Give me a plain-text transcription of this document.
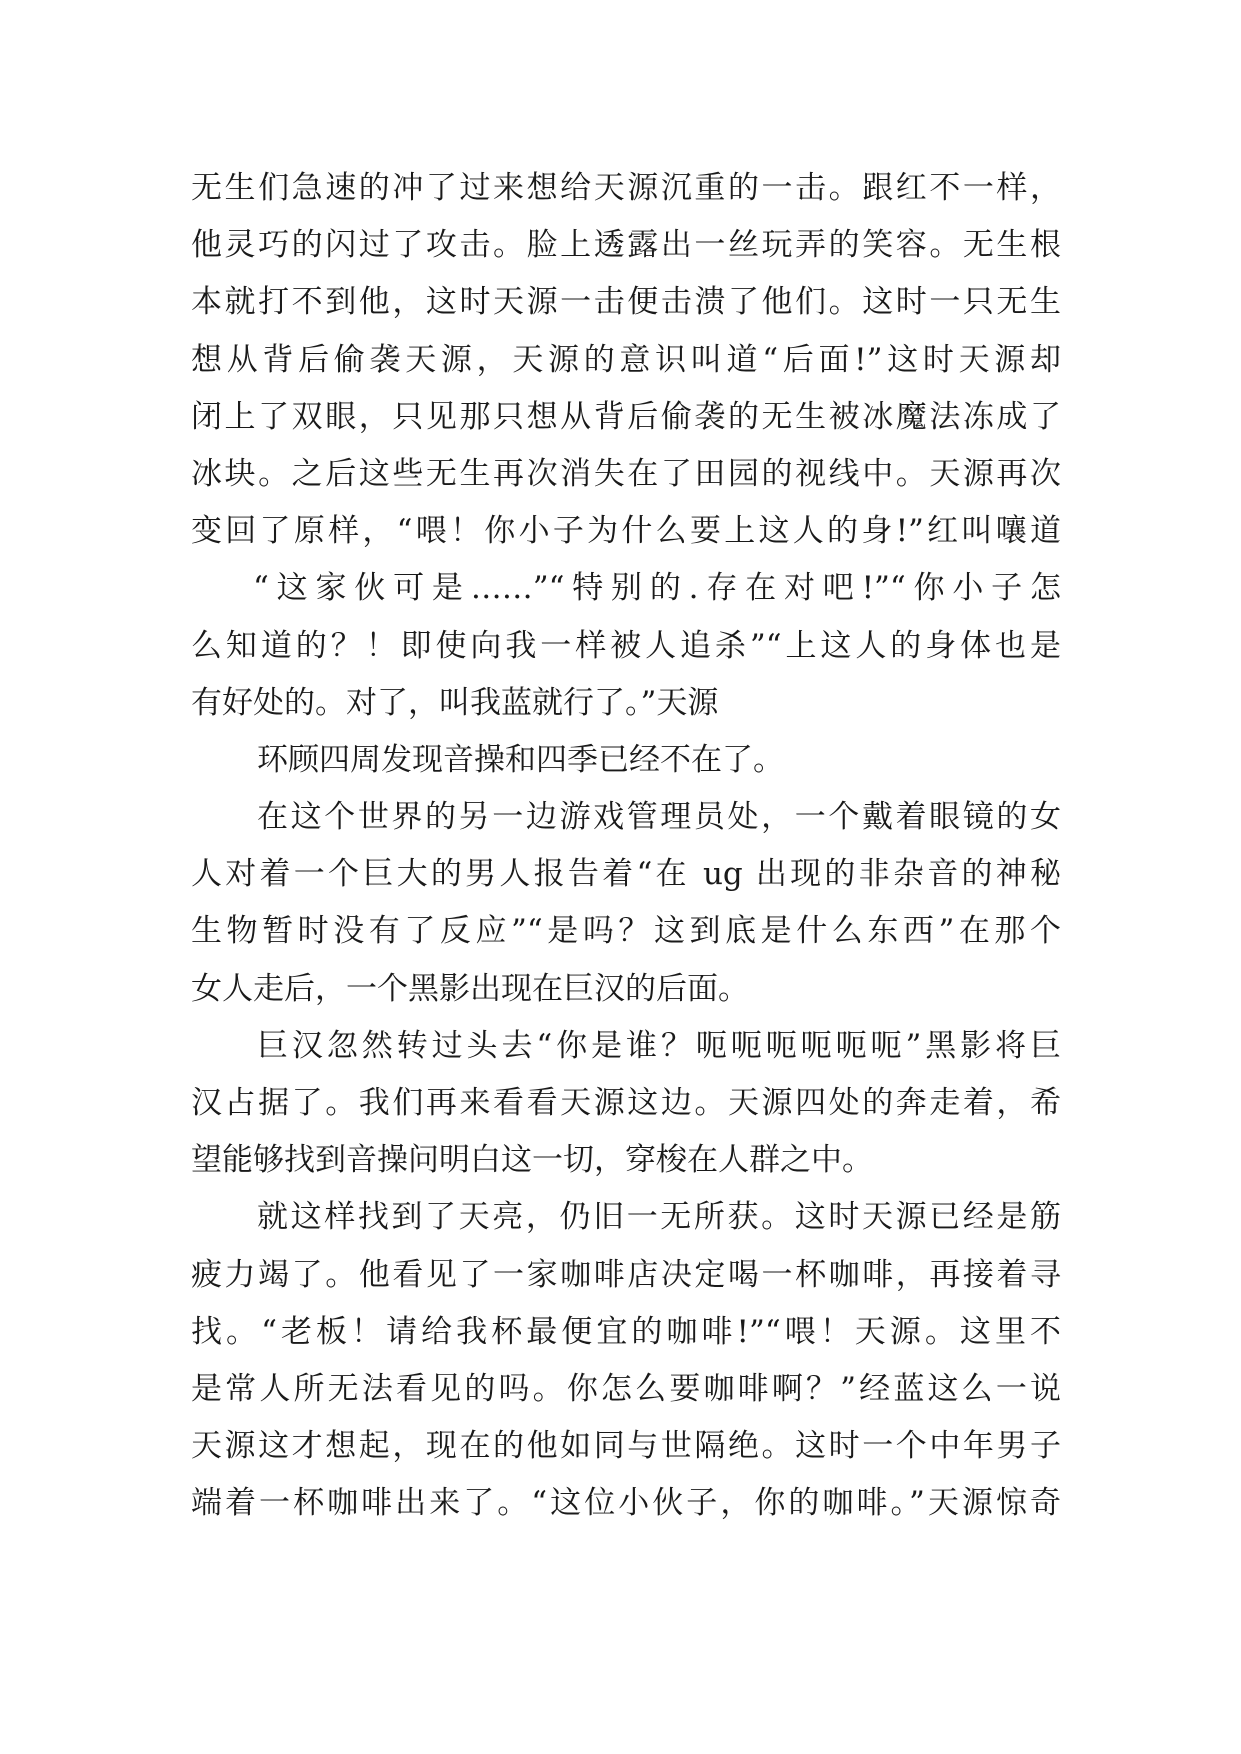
无生们急速的冲了过来想给天源沉重的一击。跟红不一样，
他灵巧的闪过了攻击。脸上透露出一丝玩弄的笑容。无生根
本就打不到他，这时天源一击便击溃了他们。这时一只无生
想从背后偷袭天源，天源的意识叫道“后面!”这时天源却
闭上了双眼，只见那只想从背后偷袭的无生被冰魔法冻成了
冰块。之后这些无生再次消失在了田园的视线中。天源再次
变回了原样，“喂！你小子为什么要上这人的身!”红叫嚷道
“这家伙可是……”“特别的.存在对吧!”“你小子怎
么知道的？！即使向我一样被人追杀”“上这人的身体也是
有好处的。对了，叫我蓝就行了。”天源
环顾四周发现音操和四季已经不在了。
在这个世界的另一边游戏管理员处，一个戴着眼镜的女
人对着一个巨大的男人报告着“在 ug 出现的非杂音的神秘
生物暂时没有了反应”“是吗？这到底是什么东西”在那个
女人走后，一个黑影出现在巨汉的后面。
巨汉忽然转过头去“你是谁？呃呃呃呃呃呃”黑影将巨
汉占据了。我们再来看看天源这边。天源四处的奔走着，希
望能够找到音操问明白这一切，穿梭在人群之中。
就这样找到了天亮，仍旧一无所获。这时天源已经是筋
疲力竭了。他看见了一家咖啡店决定喝一杯咖啡，再接着寻
找。“老板！请给我杯最便宜的咖啡!”“喂！天源。这里不
是常人所无法看见的吗。你怎么要咖啡啊？”经蓝这么一说
天源这才想起，现在的他如同与世隔绝。这时一个中年男子
端着一杯咖啡出来了。“这位小伙子，你的咖啡。”天源惊奇
